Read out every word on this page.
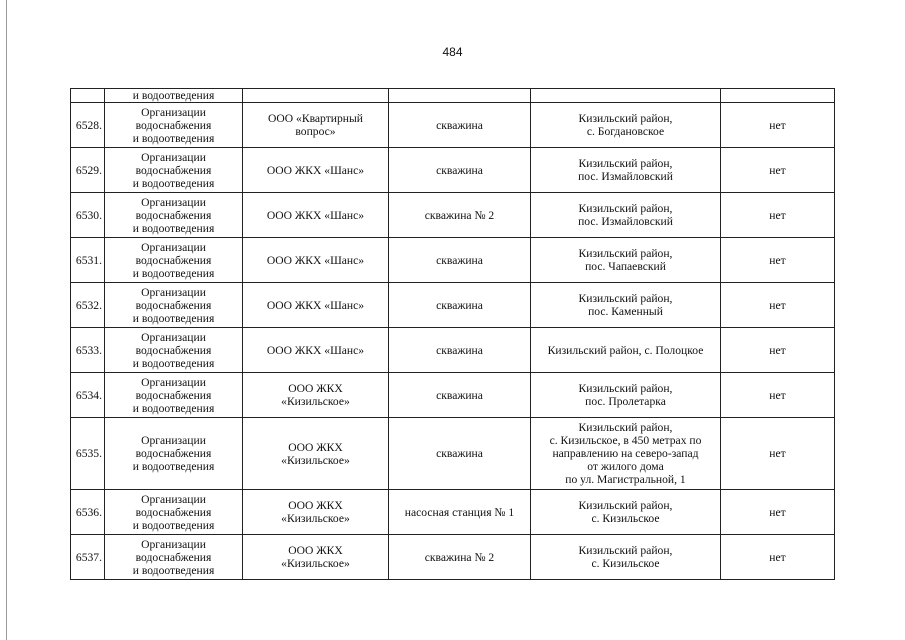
484

	и водоотведения				

6528.	Организации
водоснабжения
и водоотведения	ООО «Квартирный
вопрос»	скважина	Кизильский район,
с. Богдановское	нет

6529.	Организации
водоснабжения
и водоотведения	ООО ЖКХ «Шанс»	скважина	Кизильский район,
пос. Измайловский	нет

6530.	Организации
водоснабжения
и водоотведения	ООО ЖКХ «Шанс»	скважина № 2	Кизильский район,
пос. Измайловский	нет

6531.	Организации
водоснабжения
и водоотведения	ООО ЖКХ «Шанс»	скважина	Кизильский район,
пос. Чапаевский	нет

6532.	Организации
водоснабжения
и водоотведения	ООО ЖКХ «Шанс»	скважина	Кизильский район,
пос. Каменный	нет

6533.	Организации
водоснабжения
и водоотведения	ООО ЖКХ «Шанс»	скважина	Кизильский район, с. Полоцкое	нет

6534.	Организации
водоснабжения
и водоотведения	ООО ЖКХ
«Кизильское»	скважина	Кизильский район,
пос. Пролетарка	нет

6535.	Организации
водоснабжения
и водоотведения	ООО ЖКХ
«Кизильское»	скважина	Кизильский район,
с. Кизильское, в 450 метрах по
направлению на северо-запад
от жилого дома
по ул. Магистральной, 1	нет

6536.	Организации
водоснабжения
и водоотведения	ООО ЖКХ
«Кизильское»	насосная станция № 1	Кизильский район,
с. Кизильское	нет

6537.	Организации
водоснабжения
и водоотведения	ООО ЖКХ
«Кизильское»	скважина № 2	Кизильский район,
с. Кизильское	нет
